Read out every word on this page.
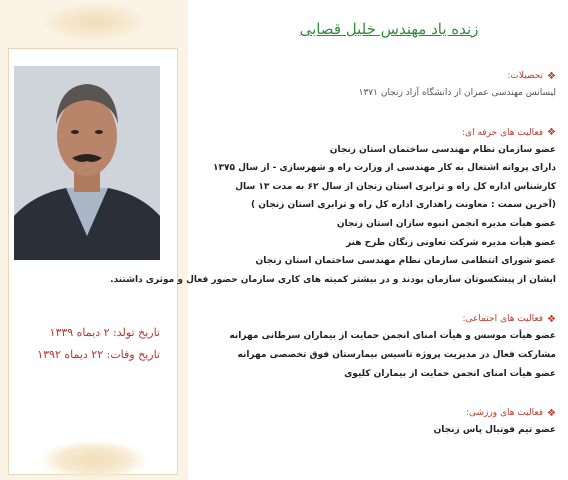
تاریخ تولد: ۲ دیماه ۱۳۳۹
تاریخ وفات: ۲۲ دیماه ۱۳۹۲
زنده یاد مهندس خلیل قصابی
❖
تحصیلات:
لیسانس مهندسی عمران از دانشگاه آزاد زنجان ۱۳۷۱
❖
فعالیت های حرفه ای:
عضو سازمان نظام مهندسی ساختمان استان زنجان
دارای پروانه اشتغال به کار مهندسی از وزارت راه و شهرسازی - از سال ۱۳۷۵
کارشناس اداره کل راه و ترابری استان زنجان از سال ۶۲ به مدت ۱۳ سال
(آخرین سمت : معاونت راهداری اداره کل راه و ترابری استان زنجان )
عضو هیأت مدیره انجمن انبوه سازان استان زنجان
عضو هیأت مدیره شرکت تعاونی زنگان طرح هنر
عضو شورای انتظامی سازمان نظام مهندسی ساختمان استان زنجان
ایشان از پیشکسوتان سازمان بودند و در بیشتر کمیته های کاری سازمان حضور فعال و موثری داشتند.
❖
فعالیت های اجتماعی:
عضو هیأت موسس و هیأت امنای انجمن حمایت از بیماران سرطانی مهرانه
مشارکت فعال در مدیریت پروژه تاسیس بیمارستان فوق تخصصی مهرانه
عضو هیأت امنای انجمن حمایت از بیماران کلیوی
❖
فعالیت های ورزشی:
عضو تیم فوتبال پاس زنجان
